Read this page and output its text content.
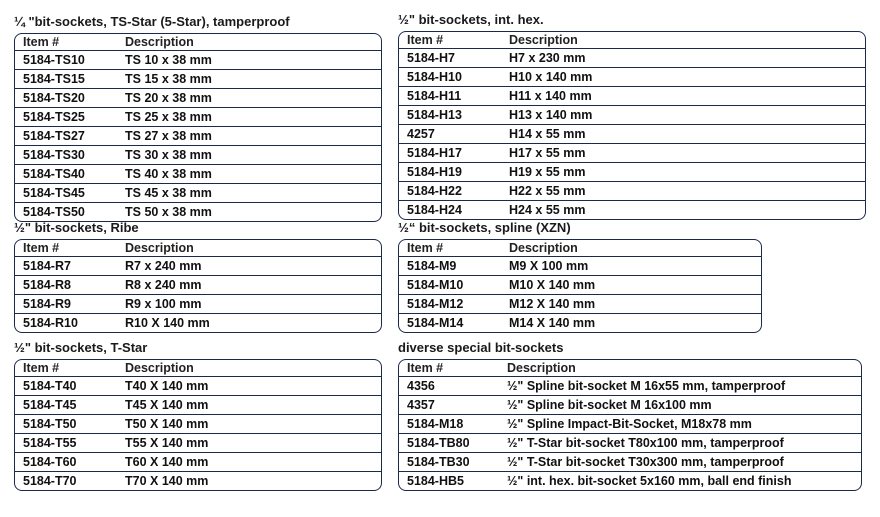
¼ "bit-sockets, TS-Star (5-Star), tamperproof
Item #	Description
5184-TS10	TS 10 x 38 mm
5184-TS15	TS 15 x 38 mm
5184-TS20	TS 20 x 38 mm
5184-TS25	TS 25 x 38 mm
5184-TS27	TS 27 x 38 mm
5184-TS30	TS 30 x 38 mm
5184-TS40	TS 40 x 38 mm
5184-TS45	TS 45 x 38 mm
5184-TS50	TS 50 x 38 mm
½" bit-sockets, int. hex.
Item #	Description
5184-H7	H7 x 230 mm
5184-H10	H10 x 140 mm
5184-H11	H11 x 140 mm
5184-H13	H13 x 140 mm
4257	H14 x 55 mm
5184-H17	H17 x 55 mm
5184-H19	H19 x 55 mm
5184-H22	H22 x 55 mm
5184-H24	H24 x 55 mm
½" bit-sockets, Ribe
Item #	Description
5184-R7	R7 x 240 mm
5184-R8	R8 x 240 mm
5184-R9	R9 x 100 mm
5184-R10	R10 X 140 mm
½“ bit-sockets, spline (XZN)
Item #	Description
5184-M9	M9 X 100 mm
5184-M10	M10 X 140 mm
5184-M12	M12 X 140 mm
5184-M14	M14 X 140 mm
½" bit-sockets, T-Star
Item #	Description
5184-T40	T40 X 140 mm
5184-T45	T45 X 140 mm
5184-T50	T50 X 140 mm
5184-T55	T55 X 140 mm
5184-T60	T60 X 140 mm
5184-T70	T70 X 140 mm
diverse special bit-sockets
Item #	Description
4356	½" Spline bit-socket M 16x55 mm, tamperproof
4357	½" Spline bit-socket M 16x100 mm
5184-M18	½" Spline Impact-Bit-Socket, M18x78 mm
5184-TB80	½" T-Star bit-socket T80x100 mm, tamperproof
5184-TB30	½" T-Star bit-socket T30x300 mm, tamperproof
5184-HB5	½" int. hex. bit-socket 5x160 mm, ball end finish
